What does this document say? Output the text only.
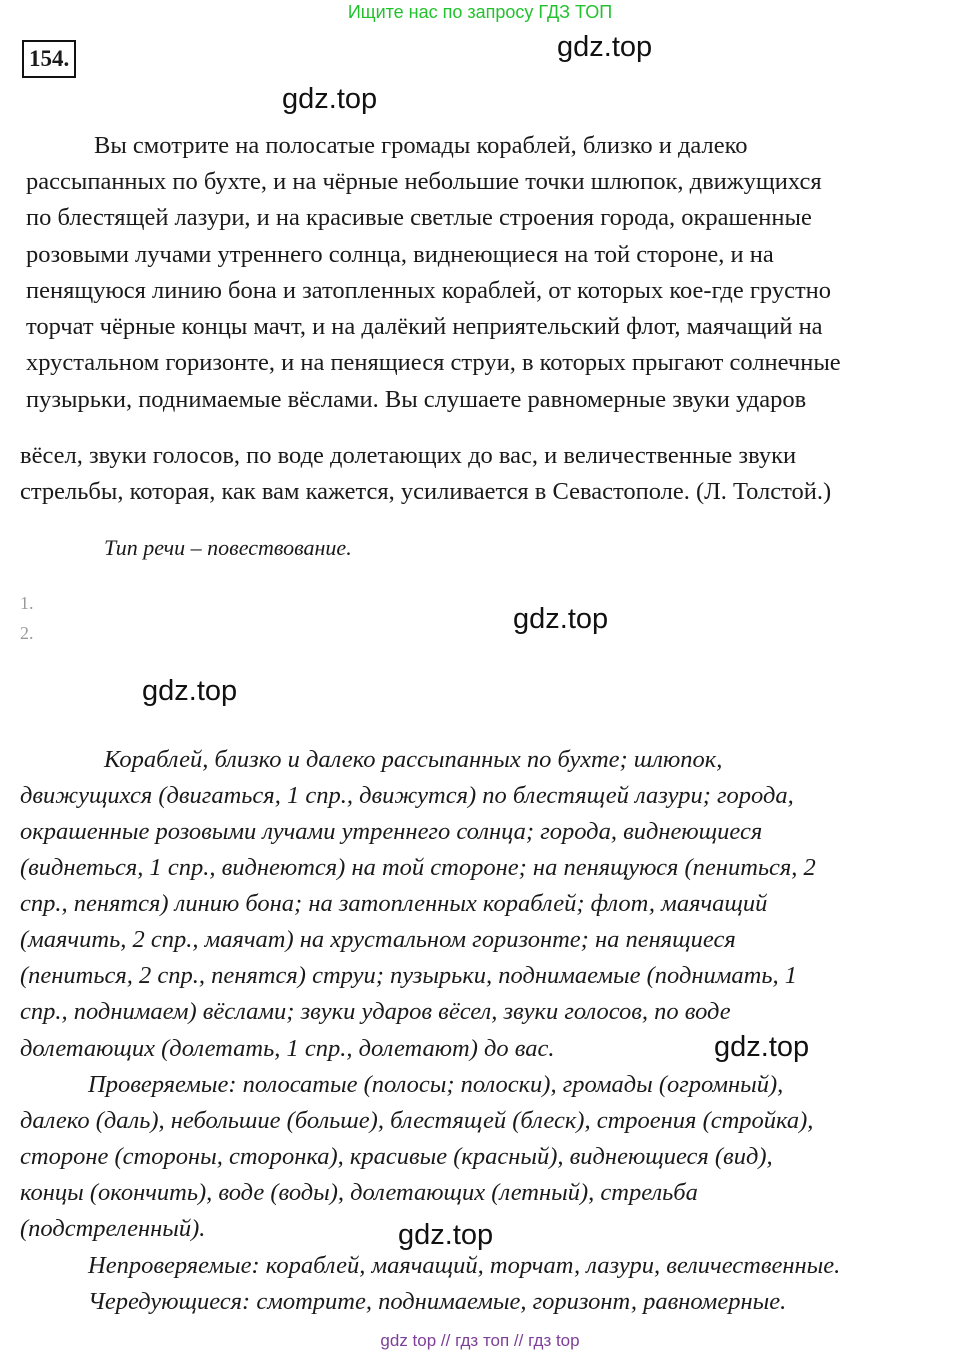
Ищите нас по запросу ГДЗ ТОП
154.	gdz.top
gdz.top
Вы смотрите на полосатые громады кораблей, близко и далеко
рассыпанных по бухте, и на чёрные небольшие точки шлюпок, движущихся
по блестящей лазури, и на красивые светлые строения города, окрашенные
розовыми лучами утреннего солнца, виднеющиеся на той стороне, и на
пенящуюся линию бона и затопленных кораблей, от которых кое-где грустно
торчат чёрные концы мачт, и на далёкий неприятельский флот, маячащий на
хрустальном горизонте, и на пенящиеся струи, в которых прыгают солнечные
пузырьки, поднимаемые вёслами. Вы слушаете равномерные звуки ударов
вёсел, звуки голосов, по воде долетающих до вас, и величественные звуки
стрельбы, которая, как вам кажется, усиливается в Севастополе. (Л. Толстой.)
Тип речи – повествование.
1.
2.	gdz.top
gdz.top
Кораблей, близко и далеко рассыпанных по бухте; шлюпок,
движущихся (двигаться, 1 спр., движутся) по блестящей лазури; города,
окрашенные розовыми лучами утреннего солнца; города, виднеющиеся
(виднеться, 1 спр., виднеются) на той стороне; на пенящуюся (пениться, 2
спр., пенятся) линию бона; на затопленных кораблей; флот, маячащий
(маячить, 2 спр., маячат) на хрустальном горизонте; на пенящиеся
(пениться, 2 спр., пенятся) струи; пузырьки, поднимаемые (поднимать, 1
спр., поднимаем) вёслами; звуки ударов вёсел, звуки голосов, по воде
долетающих (долетать, 1 спр., долетают) до вас.	gdz.top
Проверяемые: полосатые (полосы; полоски), громады (огромный),
далеко (даль), небольшие (больше), блестящей (блеск), строения (стройка),
стороне (стороны, сторонка), красивые (красный), виднеющиеся (вид),
концы (окончить), воде (воды), долетающих (летный), стрельба
(подстреленный).	gdz.top
Непроверяемые: кораблей, маячащий, торчат, лазури, величественные.
Чередующиеся: смотрите, поднимаемые, горизонт, равномерные.
gdz top // гдз топ // гдз top
